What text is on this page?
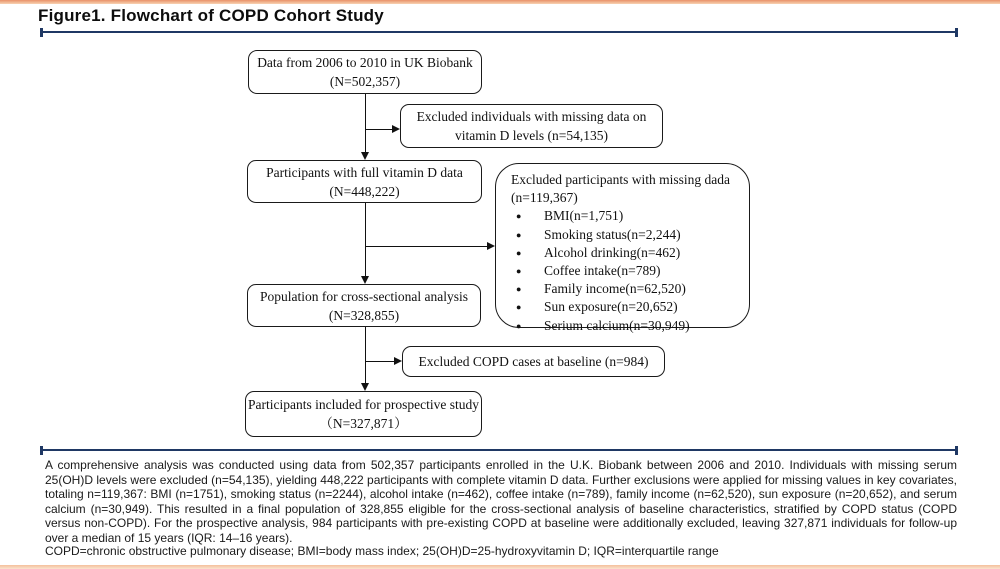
Figure1. Flowchart of COPD Cohort Study
Data from 2006 to 2010 in UK Biobank
(N=502,357)
Excluded individuals with missing data on
vitamin D levels (n=54,135)
Participants with full vitamin D data
(N=448,222)
Excluded participants with missing dada
(n=119,367)
● BMI(n=1,751)
● Smoking status(n=2,244)
● Alcohol drinking(n=462)
● Coffee intake(n=789)
● Family income(n=62,520)
● Sun exposure(n=20,652)
● Serium calcium(n=30,949)
Population for cross-sectional analysis
(N=328,855)
Excluded COPD cases at baseline (n=984)
Participants included for prospective study
（N=327,871）

A comprehensive analysis was conducted using data from 502,357 participants enrolled in the U.K. Biobank between 2006 and 2010. Individuals with missing serum 25(OH)D levels were excluded (n=54,135), yielding 448,222 participants with complete vitamin D data. Further exclusions were applied for missing values in key covariates, totaling n=119,367: BMI (n=1751), smoking status (n=2244), alcohol intake (n=462), coffee intake (n=789), family income (n=62,520), sun exposure (n=20,652), and serum calcium (n=30,949). This resulted in a final population of 328,855 eligible for the cross-sectional analysis of baseline characteristics, stratified by COPD status (COPD versus non-COPD). For the prospective analysis, 984 participants with pre-existing COPD at baseline were additionally excluded, leaving 327,871 individuals for follow-up over a median of 15 years (IQR: 14–16 years).

COPD=chronic obstructive pulmonary disease; BMI=body mass index; 25(OH)D=25-hydroxyvitamin D; IQR=interquartile range
